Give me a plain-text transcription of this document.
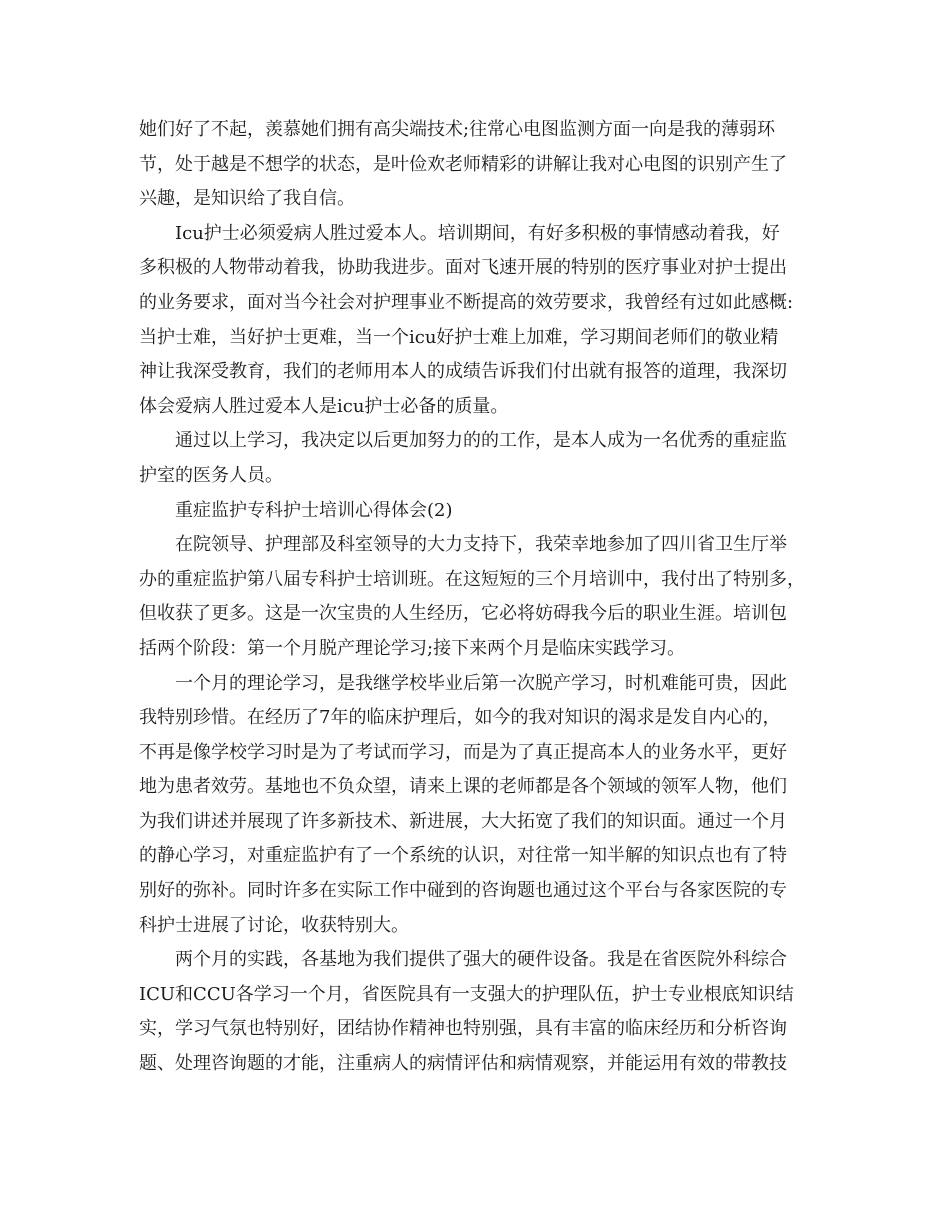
她们好了不起，羡慕她们拥有高尖端技术;往常心电图监测方面一向是我的薄弱环
节，处于越是不想学的状态，是叶俭欢老师精彩的讲解让我对心电图的识别产生了
兴趣，是知识给了我自信。
Icu护士必须爱病人胜过爱本人。培训期间，有好多积极的事情感动着我，好
多积极的人物带动着我，协助我进步。面对飞速开展的特别的医疗事业对护士提出
的业务要求，面对当今社会对护理事业不断提高的效劳要求，我曾经有过如此感概:
当护士难，当好护士更难，当一个icu好护士难上加难，学习期间老师们的敬业精
神让我深受教育，我们的老师用本人的成绩告诉我们付出就有报答的道理，我深切
体会爱病人胜过爱本人是icu护士必备的质量。
通过以上学习，我决定以后更加努力的的工作，是本人成为一名优秀的重症监
护室的医务人员。
重症监护专科护士培训心得体会(2)
在院领导、护理部及科室领导的大力支持下，我荣幸地参加了四川省卫生厅举
办的重症监护第八届专科护士培训班。在这短短的三个月培训中，我付出了特别多，
但收获了更多。这是一次宝贵的人生经历，它必将妨碍我今后的职业生涯。培训包
括两个阶段：第一个月脱产理论学习;接下来两个月是临床实践学习。
一个月的理论学习，是我继学校毕业后第一次脱产学习，时机难能可贵，因此
我特别珍惜。在经历了7年的临床护理后，如今的我对知识的渴求是发自内心的，
不再是像学校学习时是为了考试而学习，而是为了真正提高本人的业务水平，更好
地为患者效劳。基地也不负众望，请来上课的老师都是各个领域的领军人物，他们
为我们讲述并展现了许多新技术、新进展，大大拓宽了我们的知识面。通过一个月
的静心学习，对重症监护有了一个系统的认识，对往常一知半解的知识点也有了特
别好的弥补。同时许多在实际工作中碰到的咨询题也通过这个平台与各家医院的专
科护士进展了讨论，收获特别大。
两个月的实践，各基地为我们提供了强大的硬件设备。我是在省医院外科综合
ICU和CCU各学习一个月，省医院具有一支强大的护理队伍，护士专业根底知识结
实，学习气氛也特别好，团结协作精神也特别强，具有丰富的临床经历和分析咨询
题、处理咨询题的才能，注重病人的病情评估和病情观察，并能运用有效的带教技
